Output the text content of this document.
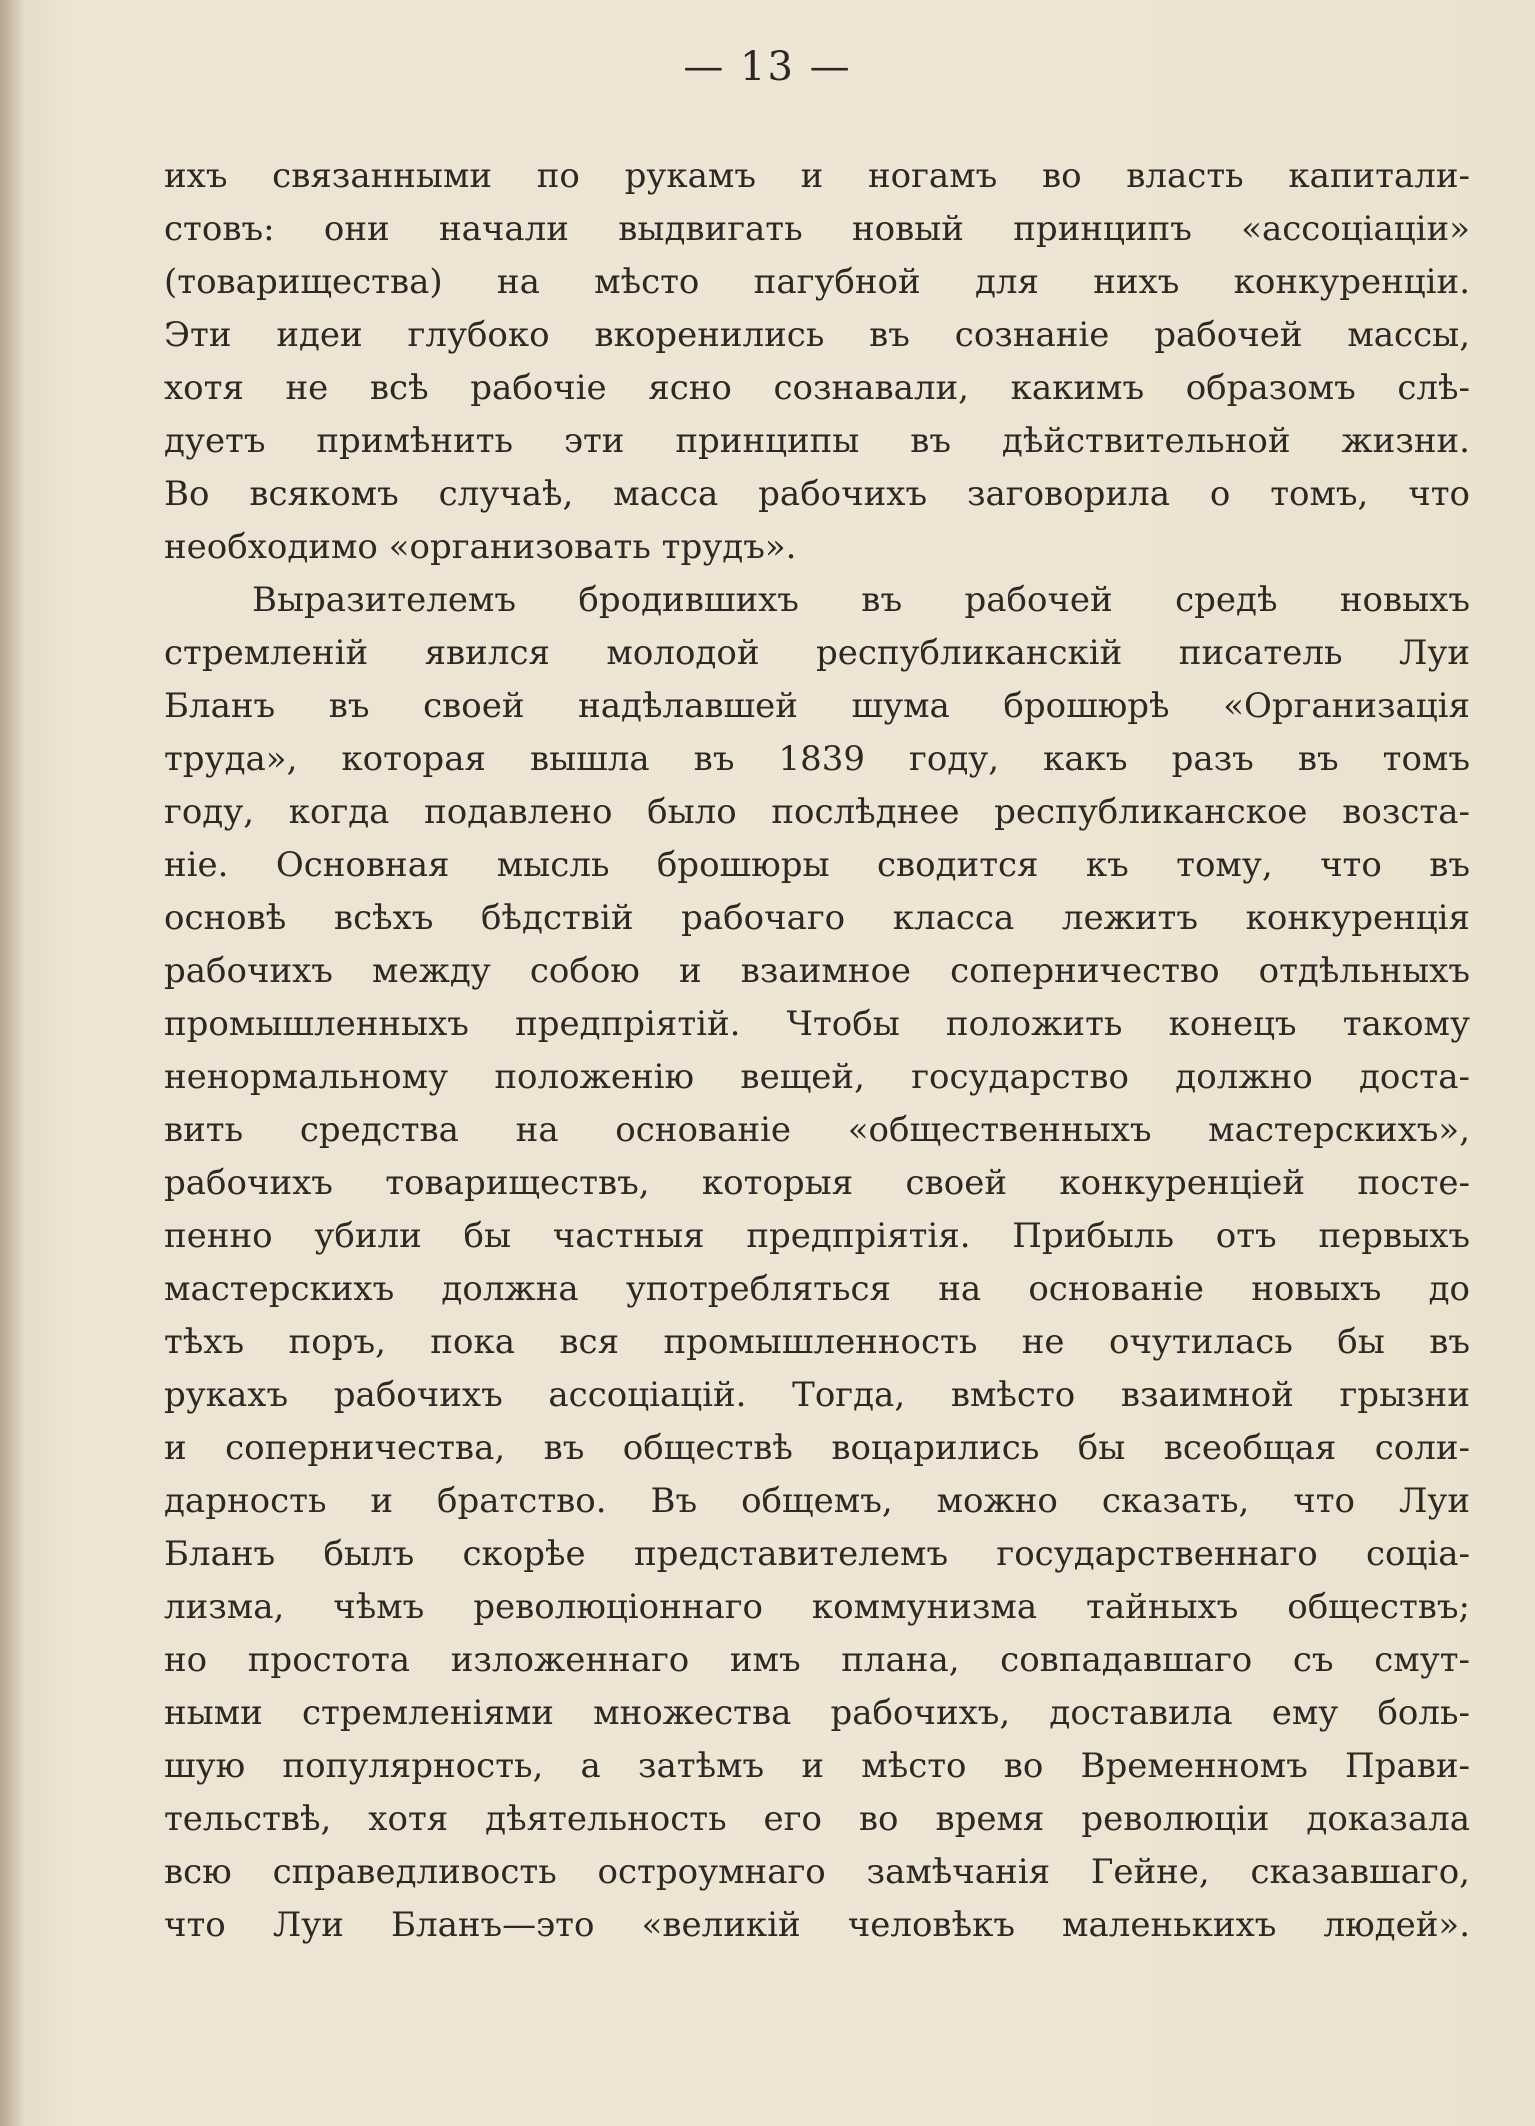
— 13 —
ихъ связанными по рукамъ и ногамъ во власть капитали-
стовъ: они начали выдвигать новый принципъ «ассоціаціи»
(товарищества) на мѣсто пагубной для нихъ конкуренціи.
Эти идеи глубоко вкоренились въ сознаніе рабочей массы,
хотя не всѣ рабочіе ясно сознавали, какимъ образомъ слѣ-
дуетъ примѣнить эти принципы въ дѣйствительной жизни.
Во всякомъ случаѣ, масса рабочихъ заговорила о томъ, что
необходимо «организовать трудъ».
Выразителемъ бродившихъ въ рабочей средѣ новыхъ
стремленій явился молодой республиканскій писатель Луи
Бланъ въ своей надѣлавшей шума брошюрѣ «Организація
труда», которая вышла въ 1839 году, какъ разъ въ томъ
году, когда подавлено было послѣднее республиканское возста-
ніе. Основная мысль брошюры сводится къ тому, что въ
основѣ всѣхъ бѣдствій рабочаго класса лежитъ конкуренція
рабочихъ между собою и взаимное соперничество отдѣльныхъ
промышленныхъ предпріятій. Чтобы положить конецъ такому
ненормальному положенію вещей, государство должно доста-
вить средства на основаніе «общественныхъ мастерскихъ»,
рабочихъ товариществъ, которыя своей конкуренціей посте-
пенно убили бы частныя предпріятія. Прибыль отъ первыхъ
мастерскихъ должна употребляться на основаніе новыхъ до
тѣхъ поръ, пока вся промышленность не очутилась бы въ
рукахъ рабочихъ ассоціацій. Тогда, вмѣсто взаимной грызни
и соперничества, въ обществѣ воцарились бы всеобщая соли-
дарность и братство. Въ общемъ, можно сказать, что Луи
Бланъ былъ скорѣе представителемъ государственнаго соціа-
лизма, чѣмъ революціоннаго коммунизма тайныхъ обществъ;
но простота изложеннаго имъ плана, совпадавшаго съ смут-
ными стремленіями множества рабочихъ, доставила ему боль-
шую популярность, а затѣмъ и мѣсто во Временномъ Прави-
тельствѣ, хотя дѣятельность его во время революціи доказала
всю справедливость остроумнаго замѣчанія Гейне, сказавшаго,
что Луи Бланъ—это «великій человѣкъ маленькихъ людей».
